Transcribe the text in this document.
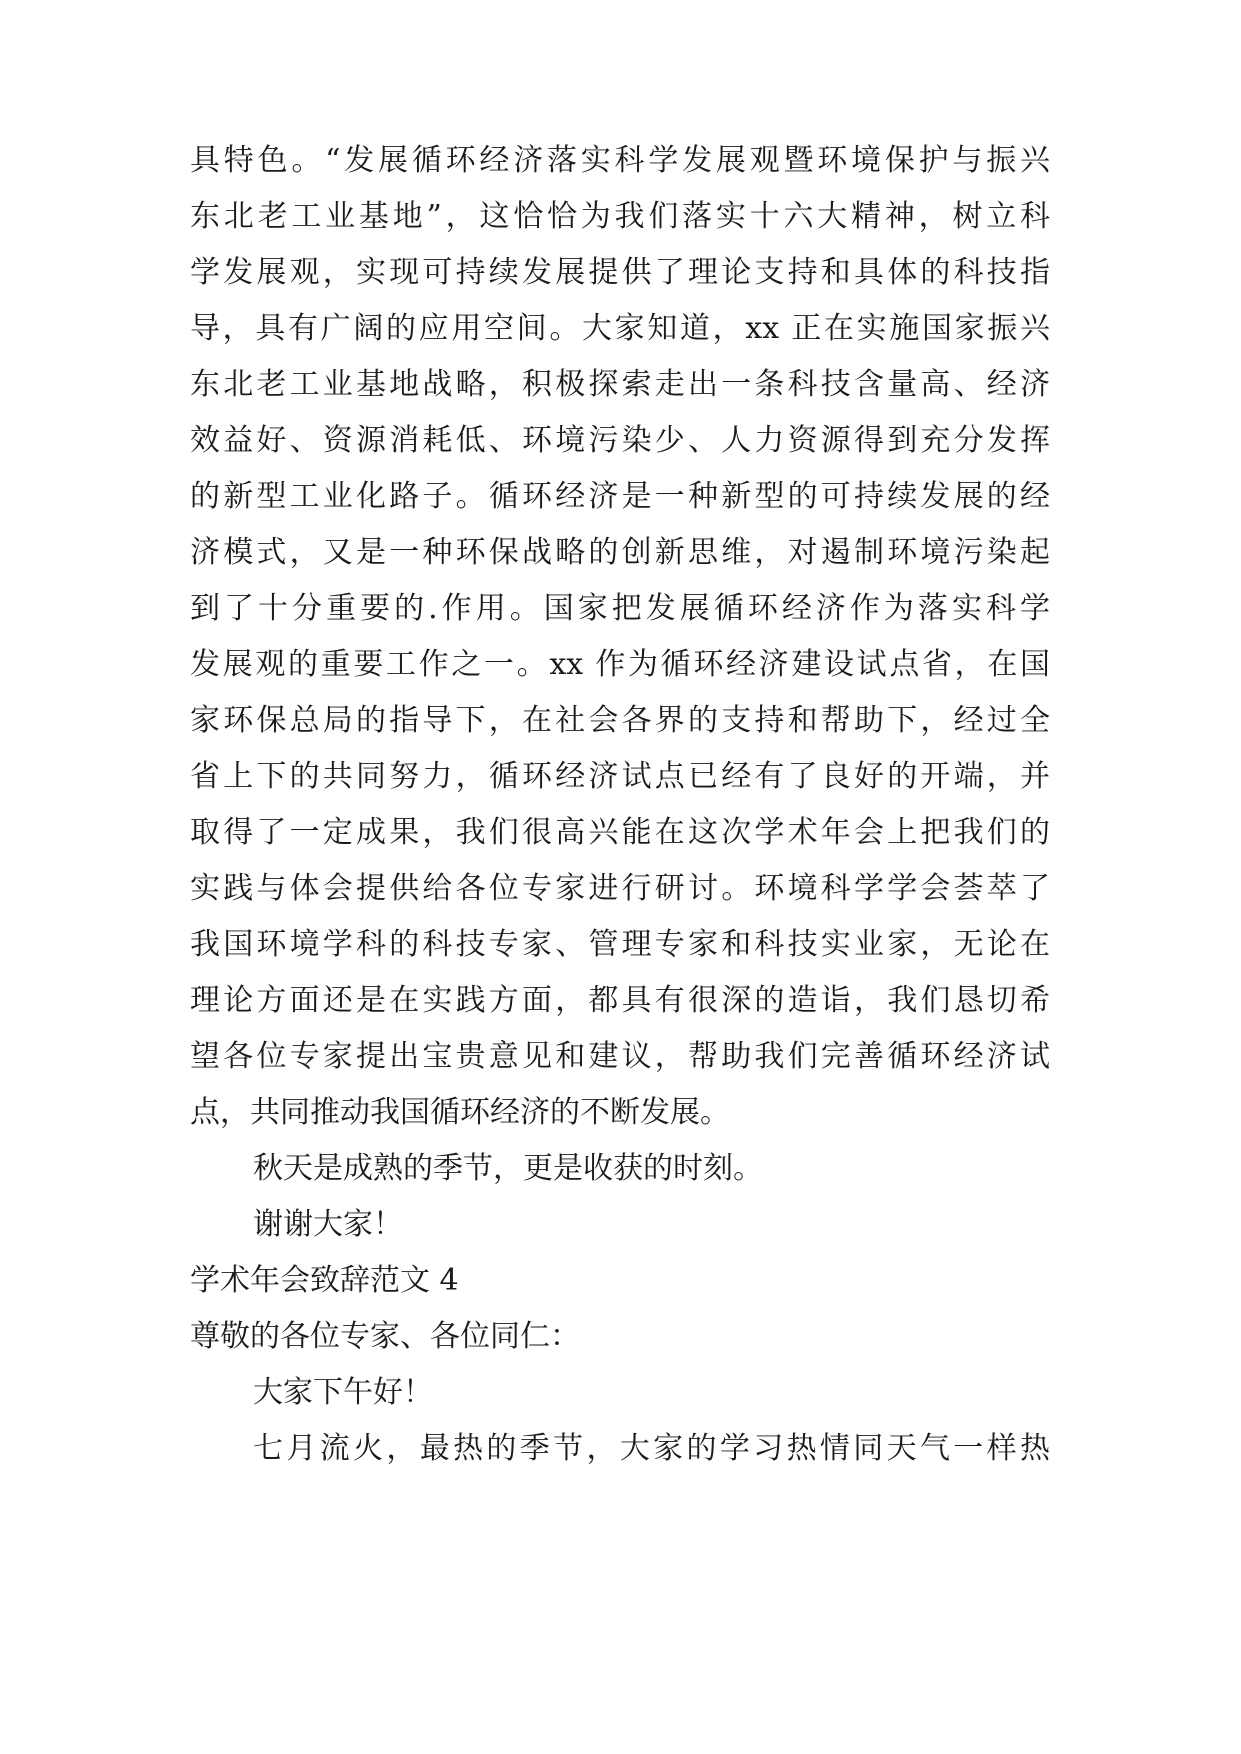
具特色。“发展循环经济落实科学发展观暨环境保护与振兴
东北老工业基地”，这恰恰为我们落实十六大精神，树立科
学发展观，实现可持续发展提供了理论支持和具体的科技指
导，具有广阔的应用空间。大家知道，xx 正在实施国家振兴
东北老工业基地战略，积极探索走出一条科技含量高、经济
效益好、资源消耗低、环境污染少、人力资源得到充分发挥
的新型工业化路子。循环经济是一种新型的可持续发展的经
济模式，又是一种环保战略的创新思维，对遏制环境污染起
到了十分重要的.作用。国家把发展循环经济作为落实科学
发展观的重要工作之一。xx 作为循环经济建设试点省，在国
家环保总局的指导下，在社会各界的支持和帮助下，经过全
省上下的共同努力，循环经济试点已经有了良好的开端，并
取得了一定成果，我们很高兴能在这次学术年会上把我们的
实践与体会提供给各位专家进行研讨。环境科学学会荟萃了
我国环境学科的科技专家、管理专家和科技实业家，无论在
理论方面还是在实践方面，都具有很深的造诣，我们恳切希
望各位专家提出宝贵意见和建议，帮助我们完善循环经济试
点，共同推动我国循环经济的不断发展。
秋天是成熟的季节，更是收获的时刻。
谢谢大家！
学术年会致辞范文 4
尊敬的各位专家、各位同仁：
大家下午好！
七月流火，最热的季节，大家的学习热情同天气一样热
